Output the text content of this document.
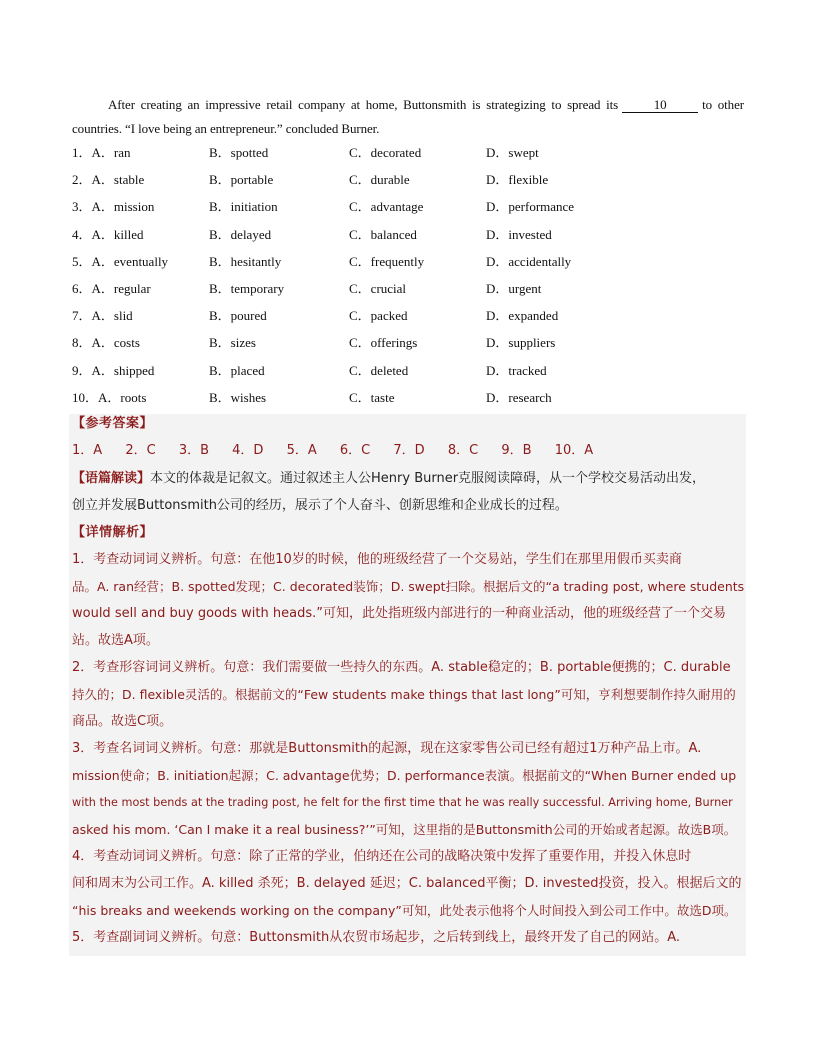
After creating an impressive retail company at home, Buttonsmith is strategizing to spread its	10	to other countries. “I love being an entrepreneur.” concluded Burner.

1．A．ran	B．spotted	C．decorated	D．swept
2．A．stable	B．portable	C．durable	D．flexible
3．A．mission	B．initiation	C．advantage	D．performance
4．A．killed	B．delayed	C．balanced	D．invested
5．A．eventually	B．hesitantly	C．frequently	D．accidentally
6．A．regular	B．temporary	C．crucial	D．urgent
7．A．slid	B．poured	C．packed	D．expanded
8．A．costs	B．sizes	C．offerings	D．suppliers
9．A．shipped	B．placed	C．deleted	D．tracked
10．A．roots	B．wishes	C．taste	D．research
【参考答案】
1．A 2．C 3．B 4．D 5．A 6．C 7．D 8．C 9．B 10．A
【语篇解读】本文的体裁是记叙文。通过叙述主人公Henry Burner克服阅读障碍，从一个学校交易活动出发，
创立并发展Buttonsmith公司的经历，展示了个人奋斗、创新思维和企业成长的过程。
【详情解析】
1．考查动词词义辨析。句意：在他10岁的时候，他的班级经营了一个交易站，学生们在那里用假币买卖商
品。A. ran经营；B. spotted发现；C. decorated装饰；D. swept扫除。根据后文的“a trading post, where students
would sell and buy goods with heads.”可知，此处指班级内部进行的一种商业活动，他的班级经营了一个交易
站。故选A项。
2．考查形容词词义辨析。句意：我们需要做一些持久的东西。A. stable稳定的；B. portable便携的；C. durable
持久的；D. flexible灵活的。根据前文的“Few students make things that last long”可知，亨利想要制作持久耐用的
商品。故选C项。
3．考查名词词义辨析。句意：那就是Buttonsmith的起源，现在这家零售公司已经有超过1万种产品上市。A.
mission使命；B. initiation起源；C. advantage优势；D. performance表演。根据前文的“When Burner ended up
with the most bends at the trading post, he felt for the first time that he was really successful. Arriving home, Burner
asked his mom. ‘Can I make it a real business?’”可知，这里指的是Buttonsmith公司的开始或者起源。故选B项。
4．考查动词词义辨析。句意：除了正常的学业，伯纳还在公司的战略决策中发挥了重要作用，并投入休息时
间和周末为公司工作。A. killed 杀死；B. delayed 延迟；C. balanced平衡；D. invested投资，投入。根据后文的
“his breaks and weekends working on the company”可知，此处表示他将个人时间投入到公司工作中。故选D项。
5．考查副词词义辨析。句意：Buttonsmith从农贸市场起步，之后转到线上，最终开发了自己的网站。A.
